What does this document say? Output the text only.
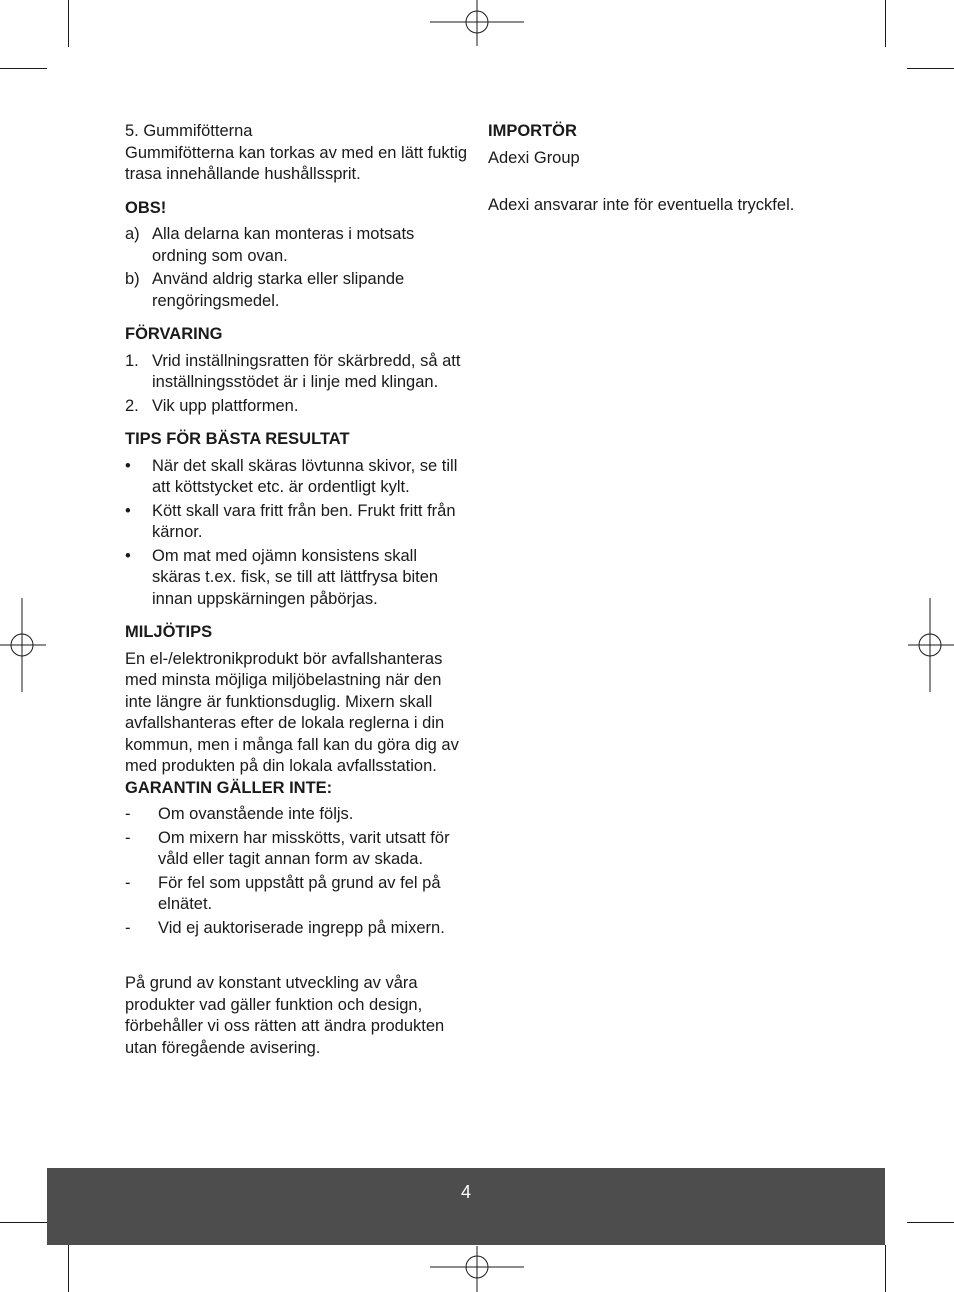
5. Gummifötterna

Gummifötterna kan torkas av med en lätt fuktig trasa innehållande hushållssprit.

OBS!

a) Alla delarna kan monteras i motsats ordning som ovan.
b) Använd aldrig starka eller slipande rengöringsmedel.

FÖRVARING

1. Vrid inställningsratten för skärbredd, så att inställningsstödet är i linje med klingan.
2. Vik upp plattformen.

TIPS FÖR BÄSTA RESULTAT

• När det skall skäras lövtunna skivor, se till att köttstycket etc. är ordentligt kylt.
• Kött skall vara fritt från ben. Frukt fritt från kärnor.
• Om mat med ojämn konsistens skall skäras t.ex. fisk, se till att lättfrysa biten innan uppskärningen påbörjas.

MILJÖTIPS

En el-/elektronikprodukt bör avfallshanteras med minsta möjliga miljöbelastning när den inte längre är funktionsduglig. Mixern skall avfallshanteras efter de lokala reglerna i din kommun, men i många fall kan du göra dig av med produkten på din lokala avfallsstation.

GARANTIN GÄLLER INTE:

- Om ovanstående inte följs.
- Om mixern har misskötts, varit utsatt för våld eller tagit annan form av skada.
- För fel som uppstått på grund av fel på elnätet.
- Vid ej auktoriserade ingrepp på mixern.

På grund av konstant utveckling av våra produkter vad gäller funktion och design, förbehåller vi oss rätten att ändra produkten utan föregående avisering.

IMPORTÖR

Adexi Group

Adexi ansvarar inte för eventuella tryckfel.

4
